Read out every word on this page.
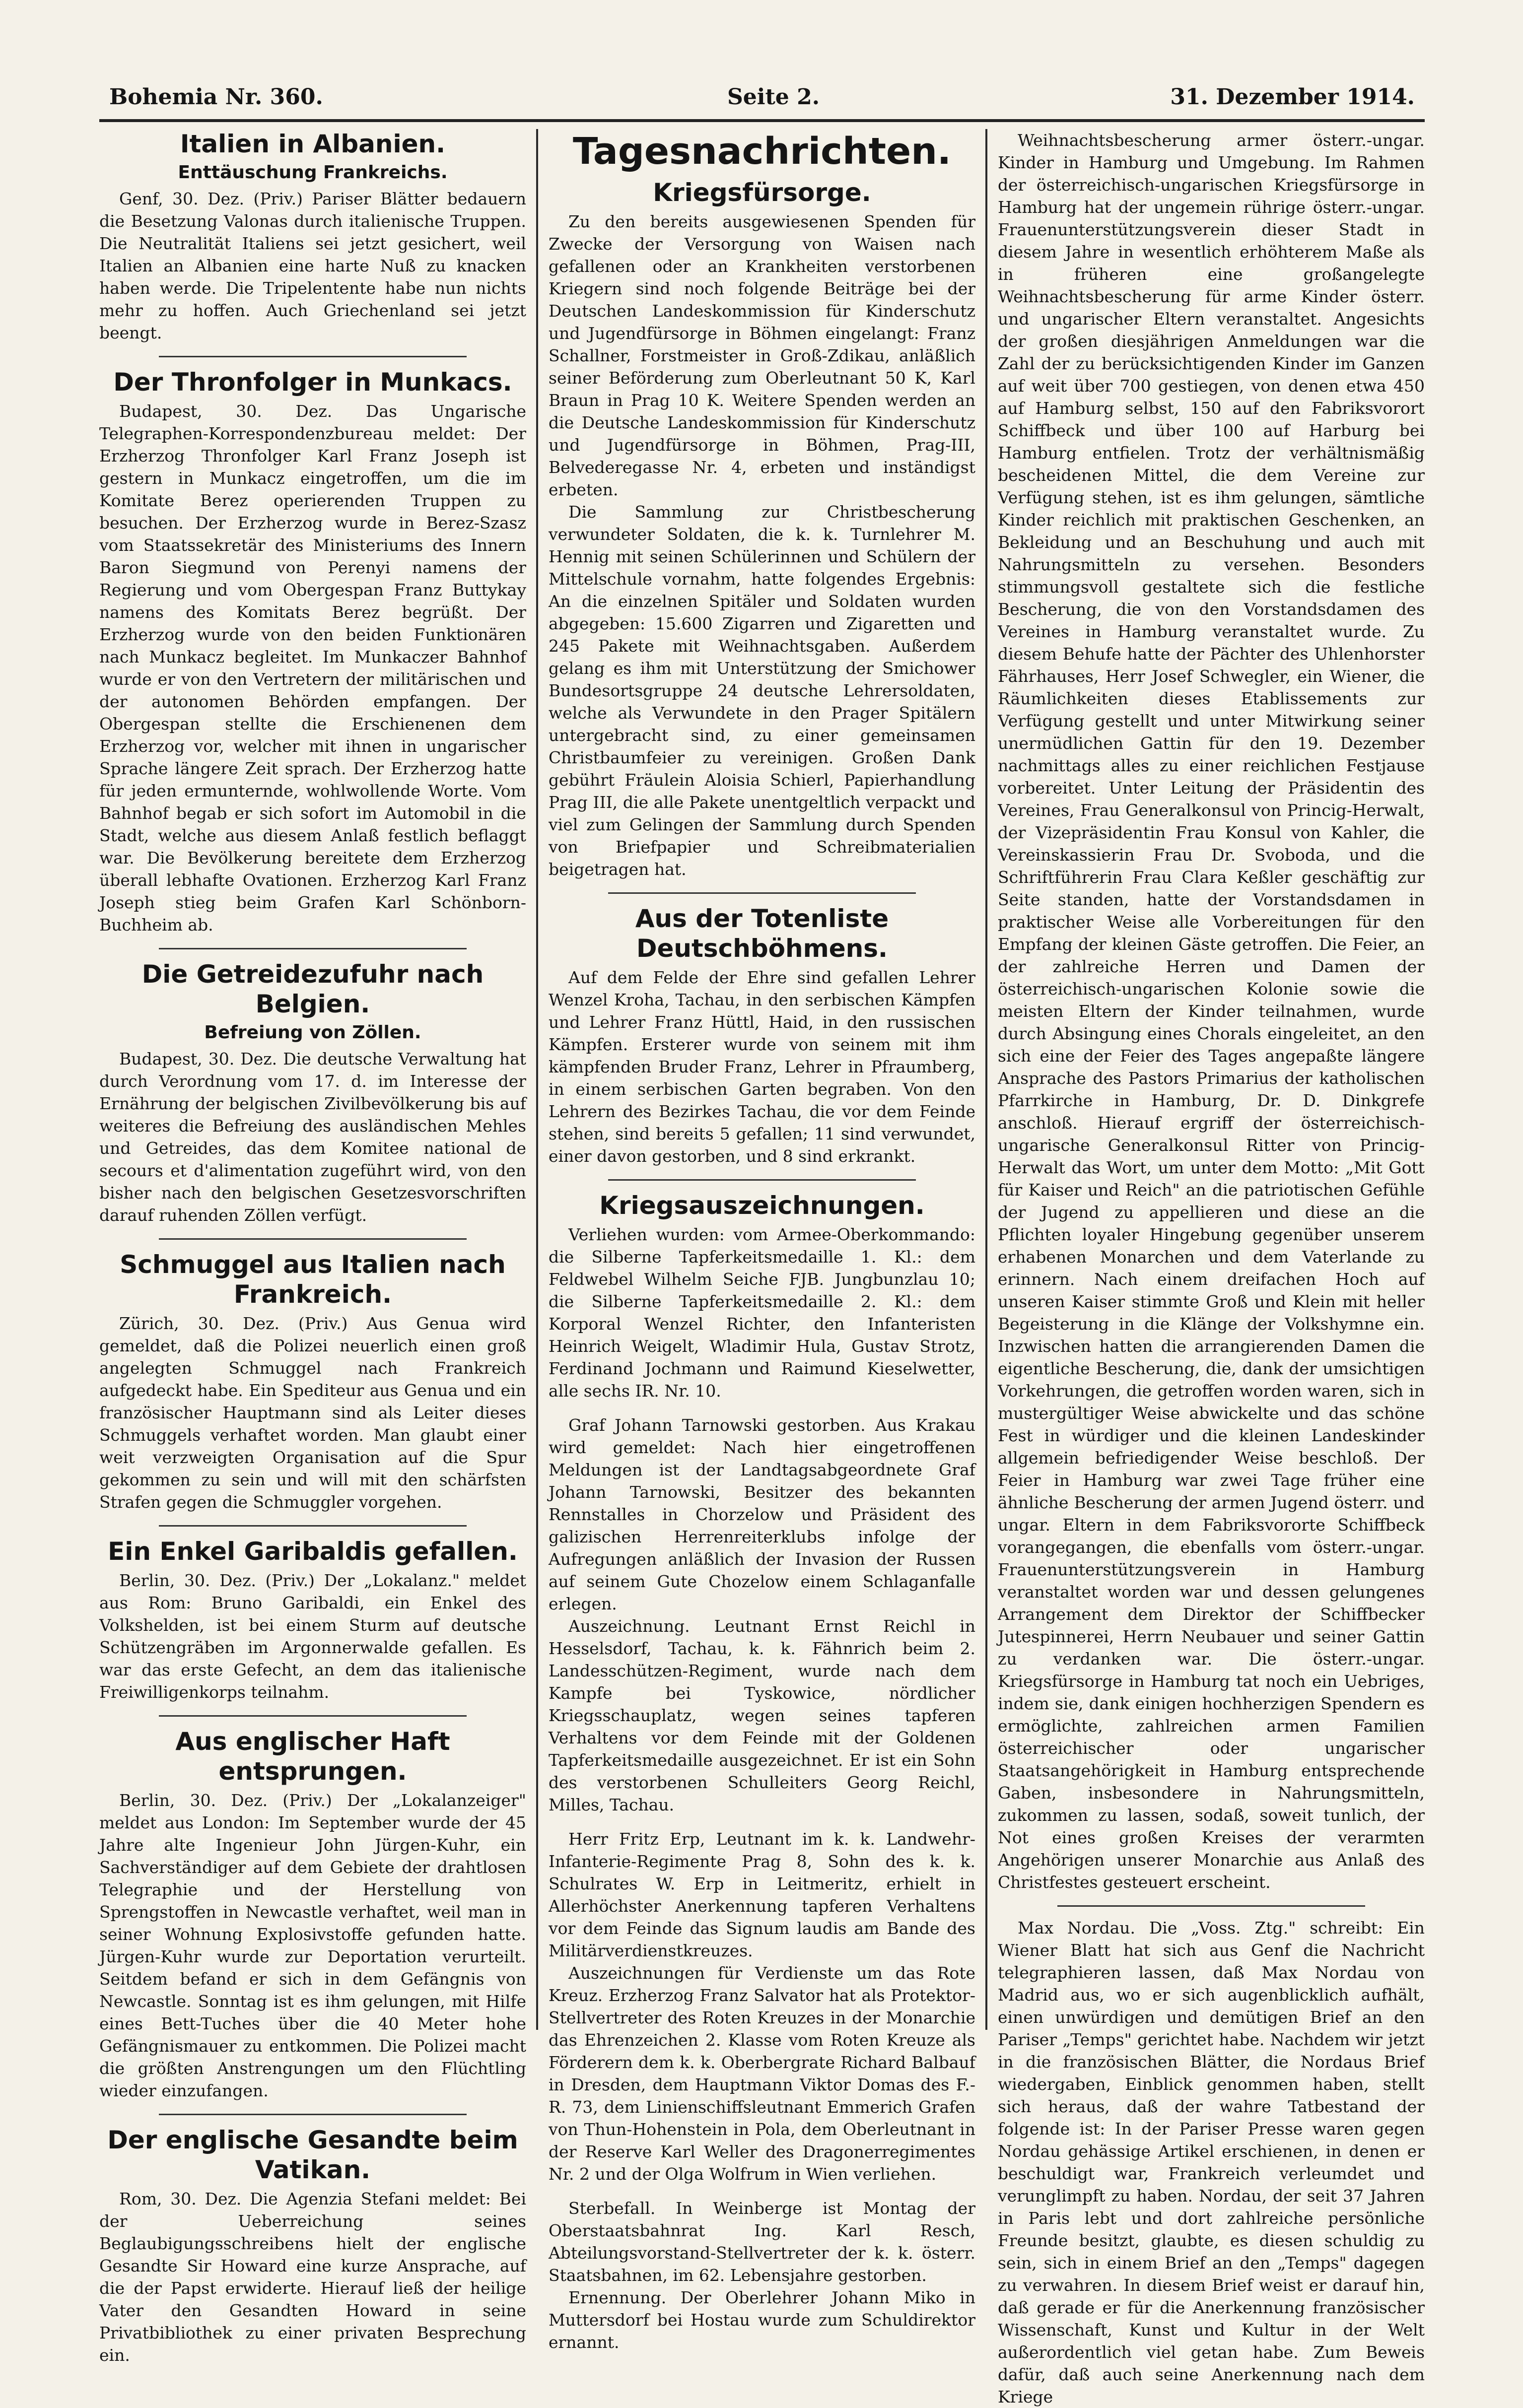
Bohemia Nr. 360.	Seite 2.	31. Dezember 1914.
Italien in Albanien.
Enttäuschung Frankreichs.

Genf, 30. Dez. (Priv.) Pariser Blätter bedauern die Besetzung Valonas durch italienische Truppen. Die Neutralität Italiens sei jetzt gesichert, weil Italien an Albanien eine harte Nuß zu knacken haben werde. Die Tripelentente habe nun nichts mehr zu hoffen. Auch Griechenland sei jetzt beengt.

Der Thronfolger in Munkacs.

Budapest, 30. Dez. Das Ungarische Telegraphen-Korrespondenzbureau meldet: Der Erzherzog Thronfolger Karl Franz Joseph ist gestern in Munkacz eingetroffen, um die im Komitate Berez operierenden Truppen zu besuchen. Der Erzherzog wurde in Berez-Szasz vom Staatssekretär des Ministeriums des Innern Baron Siegmund von Perenyi namens der Regierung und vom Obergespan Franz Buttykay namens des Komitats Berez begrüßt. Der Erzherzog wurde von den beiden Funktionären nach Munkacz begleitet. Im Munkaczer Bahnhof wurde er von den Vertretern der militärischen und der autonomen Behörden empfangen. Der Obergespan stellte die Erschienenen dem Erzherzog vor, welcher mit ihnen in ungarischer Sprache längere Zeit sprach. Der Erzherzog hatte für jeden ermunternde, wohlwollende Worte. Vom Bahnhof begab er sich sofort im Automobil in die Stadt, welche aus diesem Anlaß festlich beflaggt war. Die Bevölkerung bereitete dem Erzherzog überall lebhafte Ovationen. Erzherzog Karl Franz Joseph stieg beim Grafen Karl Schönborn-Buchheim ab.

Die Getreidezufuhr nach Belgien.
Befreiung von Zöllen.

Budapest, 30. Dez. Die deutsche Verwaltung hat durch Verordnung vom 17. d. im Interesse der Ernährung der belgischen Zivilbevölkerung bis auf weiteres die Befreiung des ausländischen Mehles und Getreides, das dem Komitee national de secours et d'alimentation zugeführt wird, von den bisher nach den belgischen Gesetzesvorschriften darauf ruhenden Zöllen verfügt.

Schmuggel aus Italien nach Frankreich.

Zürich, 30. Dez. (Priv.) Aus Genua wird gemeldet, daß die Polizei neuerlich einen groß angelegten Schmuggel nach Frankreich aufgedeckt habe. Ein Spediteur aus Genua und ein französischer Hauptmann sind als Leiter dieses Schmuggels verhaftet worden. Man glaubt einer weit verzweigten Organisation auf die Spur gekommen zu sein und will mit den schärfsten Strafen gegen die Schmuggler vorgehen.

Ein Enkel Garibaldis gefallen.

Berlin, 30. Dez. (Priv.) Der „Lokalanz." meldet aus Rom: Bruno Garibaldi, ein Enkel des Volkshelden, ist bei einem Sturm auf deutsche Schützengräben im Argonnerwalde gefallen. Es war das erste Gefecht, an dem das italienische Freiwilligenkorps teilnahm.

Aus englischer Haft entsprungen.

Berlin, 30. Dez. (Priv.) Der „Lokalanzeiger" meldet aus London: Im September wurde der 45 Jahre alte Ingenieur John Jürgen-Kuhr, ein Sachverständiger auf dem Gebiete der drahtlosen Telegraphie und der Herstellung von Sprengstoffen in Newcastle verhaftet, weil man in seiner Wohnung Explosivstoffe gefunden hatte. Jürgen-Kuhr wurde zur Deportation verurteilt. Seitdem befand er sich in dem Gefängnis von Newcastle. Sonntag ist es ihm gelungen, mit Hilfe eines Bett-Tuches über die 40 Meter hohe Gefängnismauer zu entkommen. Die Polizei macht die größten Anstrengungen um den Flüchtling wieder einzufangen.

Der englische Gesandte beim Vatikan.

Rom, 30. Dez. Die Agenzia Stefani meldet: Bei der Ueberreichung seines Beglaubigungsschreibens hielt der englische Gesandte Sir Howard eine kurze Ansprache, auf die der Papst erwiderte. Hierauf ließ der heilige Vater den Gesandten Howard in seine Privatbibliothek zu einer privaten Besprechung ein.

Tagesnachrichten.
Kriegsfürsorge.

Zu den bereits ausgewiesenen Spenden für Zwecke der Versorgung von Waisen nach gefallenen oder an Krankheiten verstorbenen Kriegern sind noch folgende Beiträge bei der Deutschen Landeskommission für Kinderschutz und Jugendfürsorge in Böhmen eingelangt: Franz Schallner, Forstmeister in Groß-Zdikau, anläßlich seiner Beförderung zum Oberleutnant 50 K, Karl Braun in Prag 10 K. Weitere Spenden werden an die Deutsche Landeskommission für Kinderschutz und Jugendfürsorge in Böhmen, Prag-III, Belvederegasse Nr. 4, erbeten und inständigst erbeten.

Die Sammlung zur Christbescherung verwundeter Soldaten, die k. k. Turnlehrer M. Hennig mit seinen Schülerinnen und Schülern der Mittelschule vornahm, hatte folgendes Ergebnis: An die einzelnen Spitäler und Soldaten wurden abgegeben: 15.600 Zigarren und Zigaretten und 245 Pakete mit Weihnachtsgaben. Außerdem gelang es ihm mit Unterstützung der Smichower Bundesortsgruppe 24 deutsche Lehrersoldaten, welche als Verwundete in den Prager Spitälern untergebracht sind, zu einer gemeinsamen Christbaumfeier zu vereinigen. Großen Dank gebührt Fräulein Aloisia Schierl, Papierhandlung Prag III, die alle Pakete unentgeltlich verpackt und viel zum Gelingen der Sammlung durch Spenden von Briefpapier und Schreibmaterialien beigetragen hat.

Aus der Totenliste Deutschböhmens.

Auf dem Felde der Ehre sind gefallen Lehrer Wenzel Kroha, Tachau, in den serbischen Kämpfen und Lehrer Franz Hüttl, Haid, in den russischen Kämpfen. Ersterer wurde von seinem mit ihm kämpfenden Bruder Franz, Lehrer in Pfraumberg, in einem serbischen Garten begraben. Von den Lehrern des Bezirkes Tachau, die vor dem Feinde stehen, sind bereits 5 gefallen; 11 sind verwundet, einer davon gestorben, und 8 sind erkrankt.

Kriegsauszeichnungen.

Verliehen wurden: vom Armee-Oberkommando: die Silberne Tapferkeitsmedaille 1. Kl.: dem Feldwebel Wilhelm Seiche FJB. Jungbunzlau 10; die Silberne Tapferkeitsmedaille 2. Kl.: dem Korporal Wenzel Richter, den Infanteristen Heinrich Weigelt, Wladimir Hula, Gustav Strotz, Ferdinand Jochmann und Raimund Kieselwetter, alle sechs IR. Nr. 10.

Graf Johann Tarnowski gestorben. Aus Krakau wird gemeldet: Nach hier eingetroffenen Meldungen ist der Landtagsabgeordnete Graf Johann Tarnowski, Besitzer des bekannten Rennstalles in Chorzelow und Präsident des galizischen Herrenreiterklubs infolge der Aufregungen anläßlich der Invasion der Russen auf seinem Gute Chozelow einem Schlaganfalle erlegen.

Auszeichnung. Leutnant Ernst Reichl in Hesselsdorf, Tachau, k. k. Fähnrich beim 2. Landesschützen-Regiment, wurde nach dem Kampfe bei Tyskowice, nördlicher Kriegsschauplatz, wegen seines tapferen Verhaltens vor dem Feinde mit der Goldenen Tapferkeitsmedaille ausgezeichnet. Er ist ein Sohn des verstorbenen Schulleiters Georg Reichl, Milles, Tachau.

Herr Fritz Erp, Leutnant im k. k. Landwehr-Infanterie-Regimente Prag 8, Sohn des k. k. Schulrates W. Erp in Leitmeritz, erhielt in Allerhöchster Anerkennung tapferen Verhaltens vor dem Feinde das Signum laudis am Bande des Militärverdienstkreuzes.

Auszeichnungen für Verdienste um das Rote Kreuz. Erzherzog Franz Salvator hat als Protektor-Stellvertreter des Roten Kreuzes in der Monarchie das Ehrenzeichen 2. Klasse vom Roten Kreuze als Förderern dem k. k. Oberbergrate Richard Balbauf in Dresden, dem Hauptmann Viktor Domas des F.-R. 73, dem Linienschiffsleutnant Emmerich Grafen von Thun-Hohenstein in Pola, dem Oberleutnant in der Reserve Karl Weller des Dragonerregimentes Nr. 2 und der Olga Wolfrum in Wien verliehen.

Sterbefall. In Weinberge ist Montag der Oberstaatsbahnrat Ing. Karl Resch, Abteilungsvorstand-Stellvertreter der k. k. österr. Staatsbahnen, im 62. Lebensjahre gestorben.

Ernennung. Der Oberlehrer Johann Miko in Muttersdorf bei Hostau wurde zum Schuldirektor ernannt.

Weihnachtsbescherung armer österr.-ungar. Kinder in Hamburg und Umgebung. Im Rahmen der österreichisch-ungarischen Kriegsfürsorge in Hamburg hat der ungemein rührige österr.-ungar. Frauenunterstützungsverein dieser Stadt in diesem Jahre in wesentlich erhöhterem Maße als in früheren eine großangelegte Weihnachtsbescherung für arme Kinder österr. und ungarischer Eltern veranstaltet. Angesichts der großen diesjährigen Anmeldungen war die Zahl der zu berücksichtigenden Kinder im Ganzen auf weit über 700 gestiegen, von denen etwa 450 auf Hamburg selbst, 150 auf den Fabriksvorort Schiffbeck und über 100 auf Harburg bei Hamburg entfielen. Trotz der verhältnismäßig bescheidenen Mittel, die dem Vereine zur Verfügung stehen, ist es ihm gelungen, sämtliche Kinder reichlich mit praktischen Geschenken, an Bekleidung und an Beschuhung und auch mit Nahrungsmitteln zu versehen. Besonders stimmungsvoll gestaltete sich die festliche Bescherung, die von den Vorstandsdamen des Vereines in Hamburg veranstaltet wurde. Zu diesem Behufe hatte der Pächter des Uhlenhorster Fährhauses, Herr Josef Schwegler, ein Wiener, die Räumlichkeiten dieses Etablissements zur Verfügung gestellt und unter Mitwirkung seiner unermüdlichen Gattin für den 19. Dezember nachmittags alles zu einer reichlichen Festjause vorbereitet. Unter Leitung der Präsidentin des Vereines, Frau Generalkonsul von Princig-Herwalt, der Vizepräsidentin Frau Konsul von Kahler, die Vereinskassierin Frau Dr. Svoboda, und die Schriftführerin Frau Clara Keßler geschäftig zur Seite standen, hatte der Vorstandsdamen in praktischer Weise alle Vorbereitungen für den Empfang der kleinen Gäste getroffen. Die Feier, an der zahlreiche Herren und Damen der österreichisch-ungarischen Kolonie sowie die meisten Eltern der Kinder teilnahmen, wurde durch Absingung eines Chorals eingeleitet, an den sich eine der Feier des Tages angepaßte längere Ansprache des Pastors Primarius der katholischen Pfarrkirche in Hamburg, Dr. D. Dinkgrefe anschloß. Hierauf ergriff der österreichisch-ungarische Generalkonsul Ritter von Princig-Herwalt das Wort, um unter dem Motto: „Mit Gott für Kaiser und Reich" an die patriotischen Gefühle der Jugend zu appellieren und diese an die Pflichten loyaler Hingebung gegenüber unserem erhabenen Monarchen und dem Vaterlande zu erinnern. Nach einem dreifachen Hoch auf unseren Kaiser stimmte Groß und Klein mit heller Begeisterung in die Klänge der Volkshymne ein. Inzwischen hatten die arrangierenden Damen die eigentliche Bescherung, die, dank der umsichtigen Vorkehrungen, die getroffen worden waren, sich in mustergültiger Weise abwickelte und das schöne Fest in würdiger und die kleinen Landeskinder allgemein befriedigender Weise beschloß. Der Feier in Hamburg war zwei Tage früher eine ähnliche Bescherung der armen Jugend österr. und ungar. Eltern in dem Fabriksvororte Schiffbeck vorangegangen, die ebenfalls vom österr.-ungar. Frauenunterstützungsverein in Hamburg veranstaltet worden war und dessen gelungenes Arrangement dem Direktor der Schiffbecker Jutespinnerei, Herrn Neubauer und seiner Gattin zu verdanken war. Die österr.-ungar. Kriegsfürsorge in Hamburg tat noch ein Uebriges, indem sie, dank einigen hochherzigen Spendern es ermöglichte, zahlreichen armen Familien österreichischer oder ungarischer Staatsangehörigkeit in Hamburg entsprechende Gaben, insbesondere in Nahrungsmitteln, zukommen zu lassen, sodaß, soweit tunlich, der Not eines großen Kreises der verarmten Angehörigen unserer Monarchie aus Anlaß des Christfestes gesteuert erscheint.

Max Nordau. Die „Voss. Ztg." schreibt: Ein Wiener Blatt hat sich aus Genf die Nachricht telegraphieren lassen, daß Max Nordau von Madrid aus, wo er sich augenblicklich aufhält, einen unwürdigen und demütigen Brief an den Pariser „Temps" gerichtet habe. Nachdem wir jetzt in die französischen Blätter, die Nordaus Brief wiedergaben, Einblick genommen haben, stellt sich heraus, daß der wahre Tatbestand der folgende ist: In der Pariser Presse waren gegen Nordau gehässige Artikel erschienen, in denen er beschuldigt war, Frankreich verleumdet und verunglimpft zu haben. Nordau, der seit 37 Jahren in Paris lebt und dort zahlreiche persönliche Freunde besitzt, glaubte, es diesen schuldig zu sein, sich in einem Brief an den „Temps" dagegen zu verwahren. In diesem Brief weist er darauf hin, daß gerade er für die Anerkennung französischer Wissenschaft, Kunst und Kultur in der Welt außerordentlich viel getan habe. Zum Beweis dafür, daß auch seine Anerkennung nach dem Kriege
